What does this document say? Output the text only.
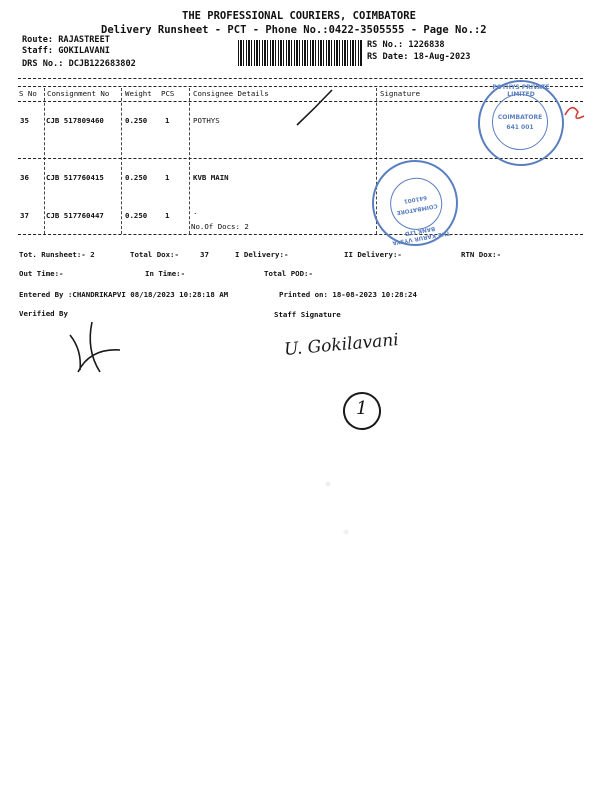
THE PROFESSIONAL COURIERS, COIMBATORE
Delivery Runsheet - PCT - Phone No.:0422-3505555 - Page No.:2
Route: RAJASTREET
Staff: GOKILAVANI
DRS No.: DCJB122683802
RS No.: 1226838
RS Date: 18-Aug-2023
S No Consignment No Weight PCS	Consignee Details	Signature
35 CJB 517809460	0.250 1	POTHYS
36 CJB 517760415	0.250 1	KVB MAIN
37 CJB 517760447	0.250 1	.
No.Of Docs: 2
Tot. Runsheet:- 2	Total Dox:-	37	I Delivery:-	II Delivery:-	RTN Dox:-
Out Time:-	In Time:-	Total POD:-
Entered By :CHANDRIKAPVI 08/18/2023 10:28:18 AM	Printed on: 18-08-2023 10:28:24
Verified By	Staff Signature
U. Gokilavani
1
POTHYS PRIVATE LIMITED
COIMBATORE
641 001
THE KARUR VYSYA BANK LTD
COIMBATORE
641001
